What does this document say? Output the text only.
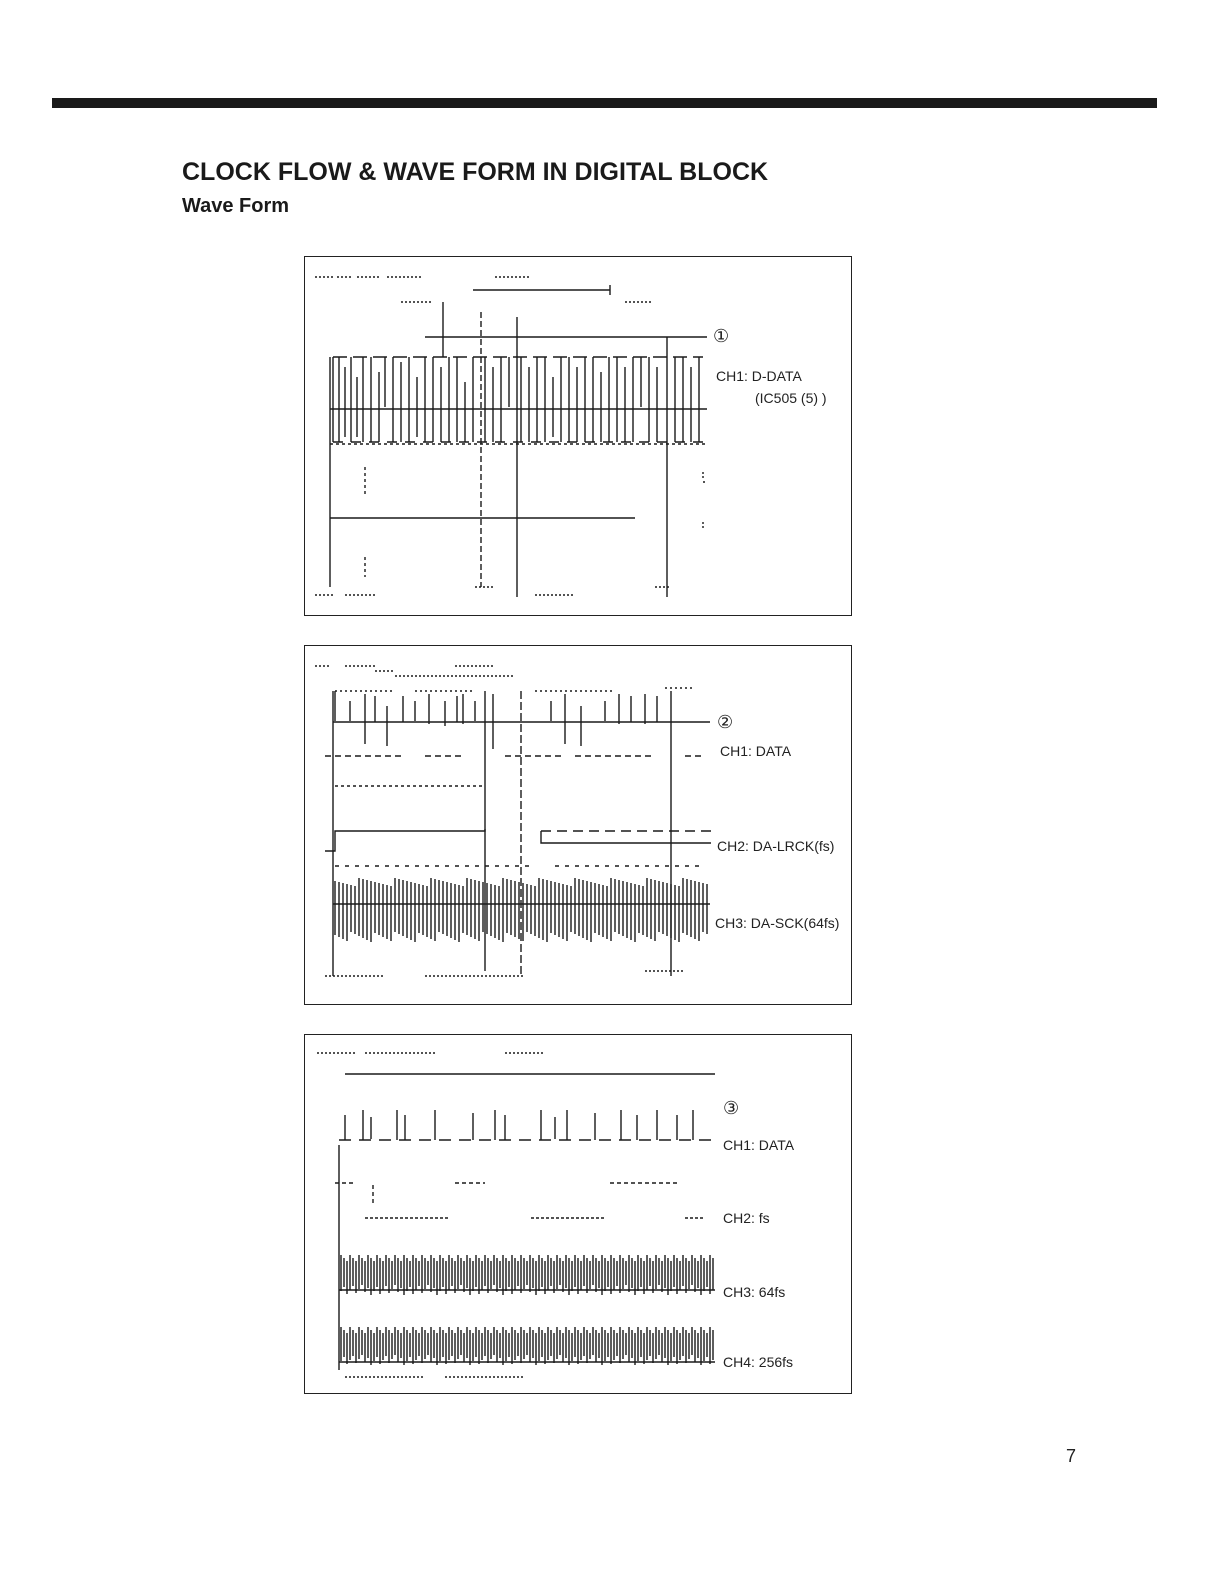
CLOCK FLOW & WAVE FORM IN DIGITAL BLOCK
Wave Form
①
CH1: D-DATA
(IC505 (5) )
②
CH1: DATA
CH2: DA-LRCK(fs)
CH3: DA-SCK(64fs)
③
CH1: DATA
CH2: fs
CH3: 64fs
CH4: 256fs
7
